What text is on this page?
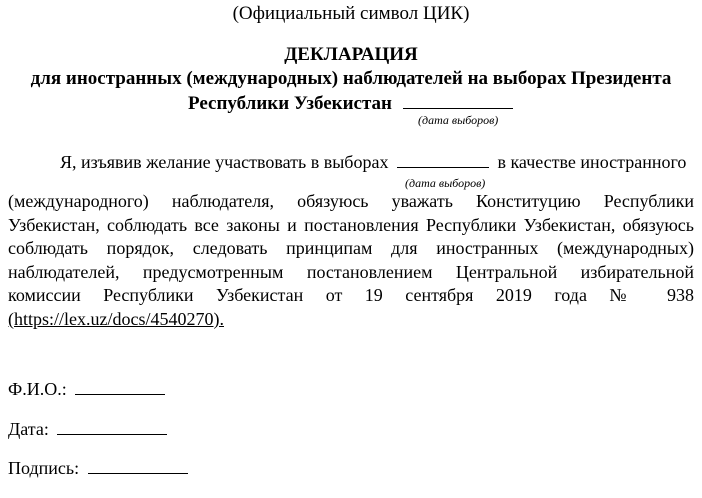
(Официальный символ ЦИК)
ДЕКЛАРАЦИЯ
для иностранных (международных) наблюдателей на выборах Президента
Республики Узбекистан
(дата выборов)
Я, изъявив желание участвовать в выборах	в качестве иностранного
(дата выборов)
(международного) наблюдателя, обязуюсь уважать Конституцию Республики
Узбекистан, соблюдать все законы и постановления Республики Узбекистан, обязуюсь
соблюдать порядок, следовать принципам для иностранных (международных)
наблюдателей, предусмотренным постановлением Центральной избирательной
комиссии Республики Узбекистан от 19 сентября 2019 года № 938
(https://lex.uz/docs/4540270).
Ф.И.О.:
Дата:
Подпись:
